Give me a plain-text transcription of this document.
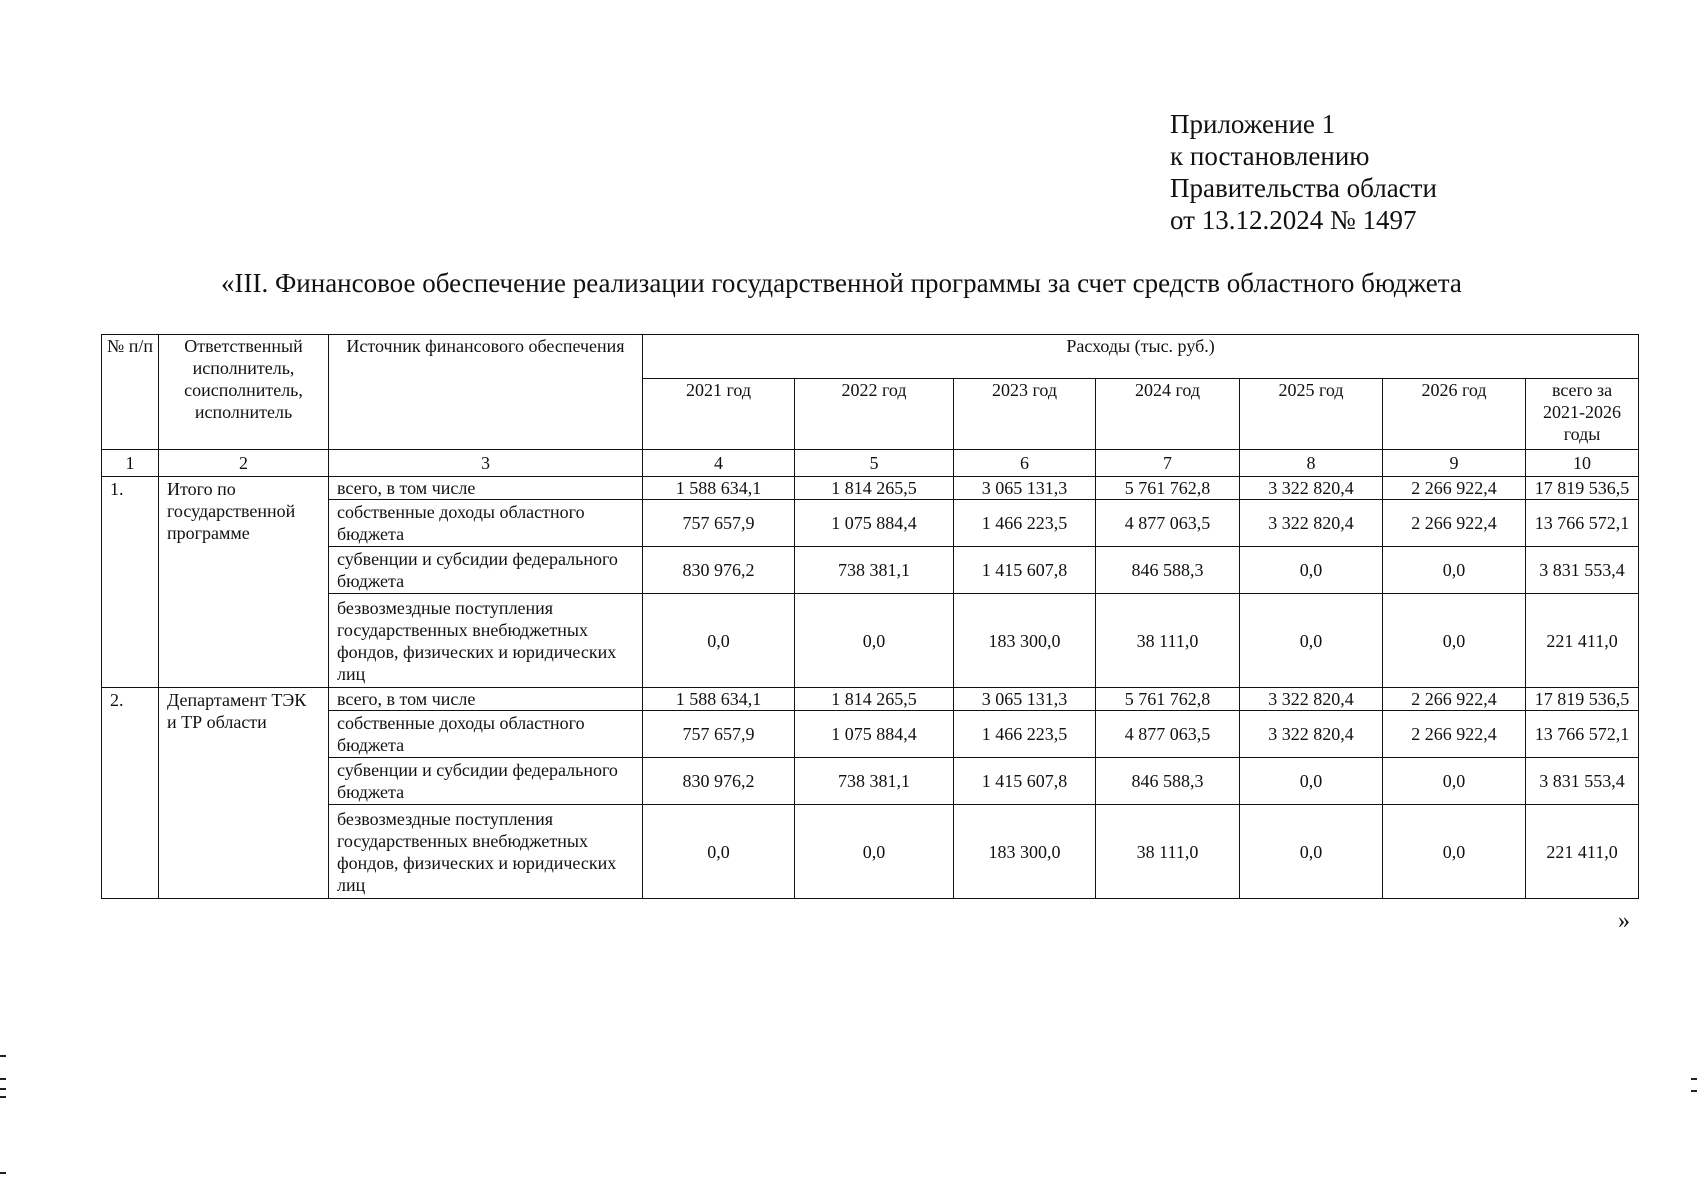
Приложение 1
к постановлению
Правительства области
от 13.12.2024 № 1497
«III. Финансовое обеспечение реализации государственной программы за счет средств областного бюджета
№ п/п	Ответственный исполнитель, соисполнитель, исполнитель	Источник финансового обеспечения	Расходы (тыс. руб.)						
			2021 год	2022 год	2023 год	2024 год	2025 год	2026 год	всего за 2021-2026 годы
1	2	3	4	5	6	7	8	9	10
1.	Итого по государственной программе	всего, в том числе	1 588 634,1	1 814 265,5	3 065 131,3	5 761 762,8	3 322 820,4	2 266 922,4	17 819 536,5
		собственные доходы областного бюджета	757 657,9	1 075 884,4	1 466 223,5	4 877 063,5	3 322 820,4	2 266 922,4	13 766 572,1
		субвенции и субсидии федерального бюджета	830 976,2	738 381,1	1 415 607,8	846 588,3	0,0	0,0	3 831 553,4
		безвозмездные поступления государственных внебюджетных фондов, физических и юридических лиц	0,0	0,0	183 300,0	38 111,0	0,0	0,0	221 411,0
2.	Департамент ТЭК и ТР области	всего, в том числе	1 588 634,1	1 814 265,5	3 065 131,3	5 761 762,8	3 322 820,4	2 266 922,4	17 819 536,5
		собственные доходы областного бюджета	757 657,9	1 075 884,4	1 466 223,5	4 877 063,5	3 322 820,4	2 266 922,4	13 766 572,1
		субвенции и субсидии федерального бюджета	830 976,2	738 381,1	1 415 607,8	846 588,3	0,0	0,0	3 831 553,4
		безвозмездные поступления государственных внебюджетных фондов, физических и юридических лиц	0,0	0,0	183 300,0	38 111,0	0,0	0,0	221 411,0
»
